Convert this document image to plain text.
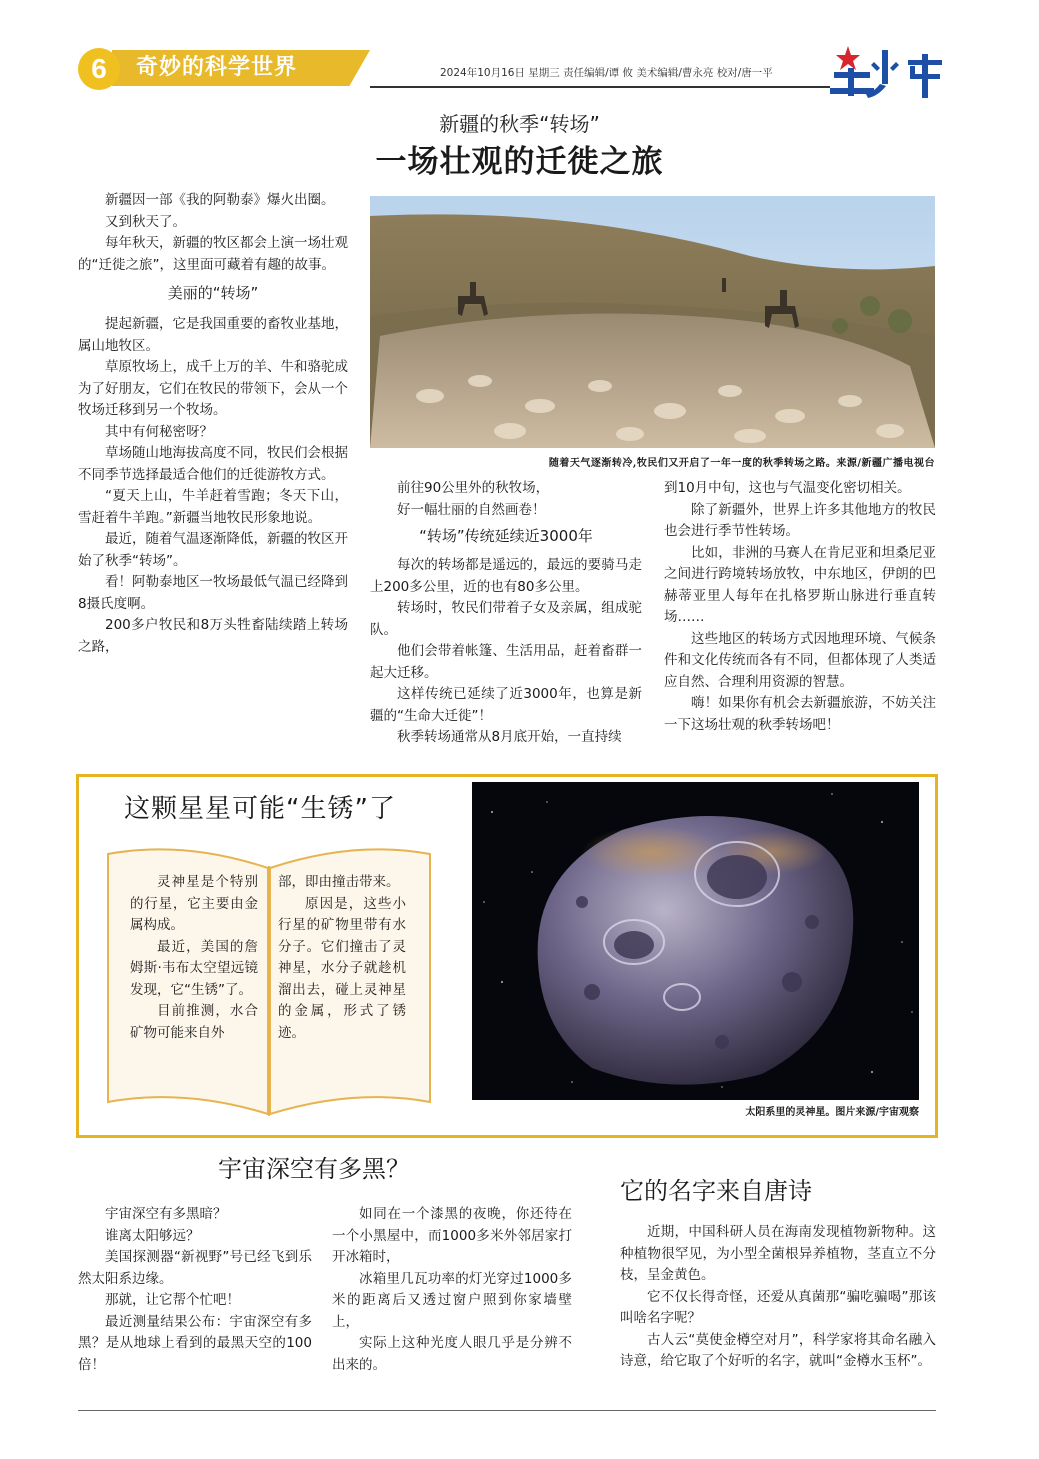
6	奇妙的科学世界	2024年10月16日 星期三 责任编辑/谭 攸 美术编辑/曹永亮 校对/唐一平
新疆的秋季“转场”
一场壮观的迁徙之旅

新疆因一部《我的阿勒泰》爆火出圈。

又到秋天了。

每年秋天，新疆的牧区都会上演一场壮观的“迁徙之旅”，这里面可藏着有趣的故事。

美丽的“转场”

提起新疆，它是我国重要的畜牧业基地，属山地牧区。

草原牧场上，成千上万的羊、牛和骆驼成为了好朋友，它们在牧民的带领下，会从一个牧场迁移到另一个牧场。

其中有何秘密呀？

草场随山地海拔高度不同，牧民们会根据不同季节选择最适合他们的迁徙游牧方式。

“夏天上山，牛羊赶着雪跑；冬天下山，雪赶着牛羊跑。”新疆当地牧民形象地说。

最近，随着气温逐渐降低，新疆的牧区开始了秋季“转场”。

看！阿勒泰地区一牧场最低气温已经降到8摄氏度啊。

200多户牧民和8万头牲畜陆续踏上转场之路，

随着天气逐渐转冷,牧民们又开启了一年一度的秋季转场之路。来源/新疆广播电视台

前往90公里外的秋牧场，

好一幅壮丽的自然画卷！

“转场”传统延续近3000年

每次的转场都是遥远的，最远的要骑马走上200多公里，近的也有80多公里。

转场时，牧民们带着子女及亲属，组成驼队。

他们会带着帐篷、生活用品，赶着畜群一起大迁移。

这样传统已延续了近3000年，也算是新疆的“生命大迁徙”！

秋季转场通常从8月底开始，一直持续

到10月中旬，这也与气温变化密切相关。

除了新疆外，世界上许多其他地方的牧民也会进行季节性转场。

比如，非洲的马赛人在肯尼亚和坦桑尼亚之间进行跨境转场放牧，中东地区，伊朗的巴赫蒂亚里人每年在扎格罗斯山脉进行垂直转场……

这些地区的转场方式因地理环境、气候条件和文化传统而各有不同，但都体现了人类适应自然、合理利用资源的智慧。

嗨！如果你有机会去新疆旅游，不妨关注一下这场壮观的秋季转场吧！

这颗星星可能“生锈”了

灵神星是个特别的行星，它主要由金属构成。

最近，美国的詹姆斯·韦布太空望远镜发现，它“生锈”了。

目前推测，水合矿物可能来自外

部，即由撞击带来。

原因是，这些小行星的矿物里带有水分子。它们撞击了灵神星，水分子就趁机溜出去，碰上灵神星的金属，形式了锈迹。

太阳系里的灵神星。图片来源/宇宙观察
宇宙深空有多黑？

宇宙深空有多黑暗？

谁离太阳够远？

美国探测器“新视野”号已经飞到乐然太阳系边缘。

那就，让它帮个忙吧！

最近测量结果公布：宇宙深空有多黑？是从地球上看到的最黑天空的100倍！

如同在一个漆黑的夜晚，你还待在一个小黑屋中，而1000多米外邻居家打开冰箱时，

冰箱里几瓦功率的灯光穿过1000多米的距离后又透过窗户照到你家墙壁上，

实际上这种光度人眼几乎是分辨不出来的。

它的名字来自唐诗

近期，中国科研人员在海南发现植物新物种。这种植物很罕见，为小型全菌根异养植物，茎直立不分枝，呈金黄色。

它不仅长得奇怪，还爱从真菌那“骗吃骗喝”那该叫啥名字呢？

古人云“莫使金樽空对月”，科学家将其命名融入诗意，给它取了个好听的名字，就叫“金樽水玉杯”。
